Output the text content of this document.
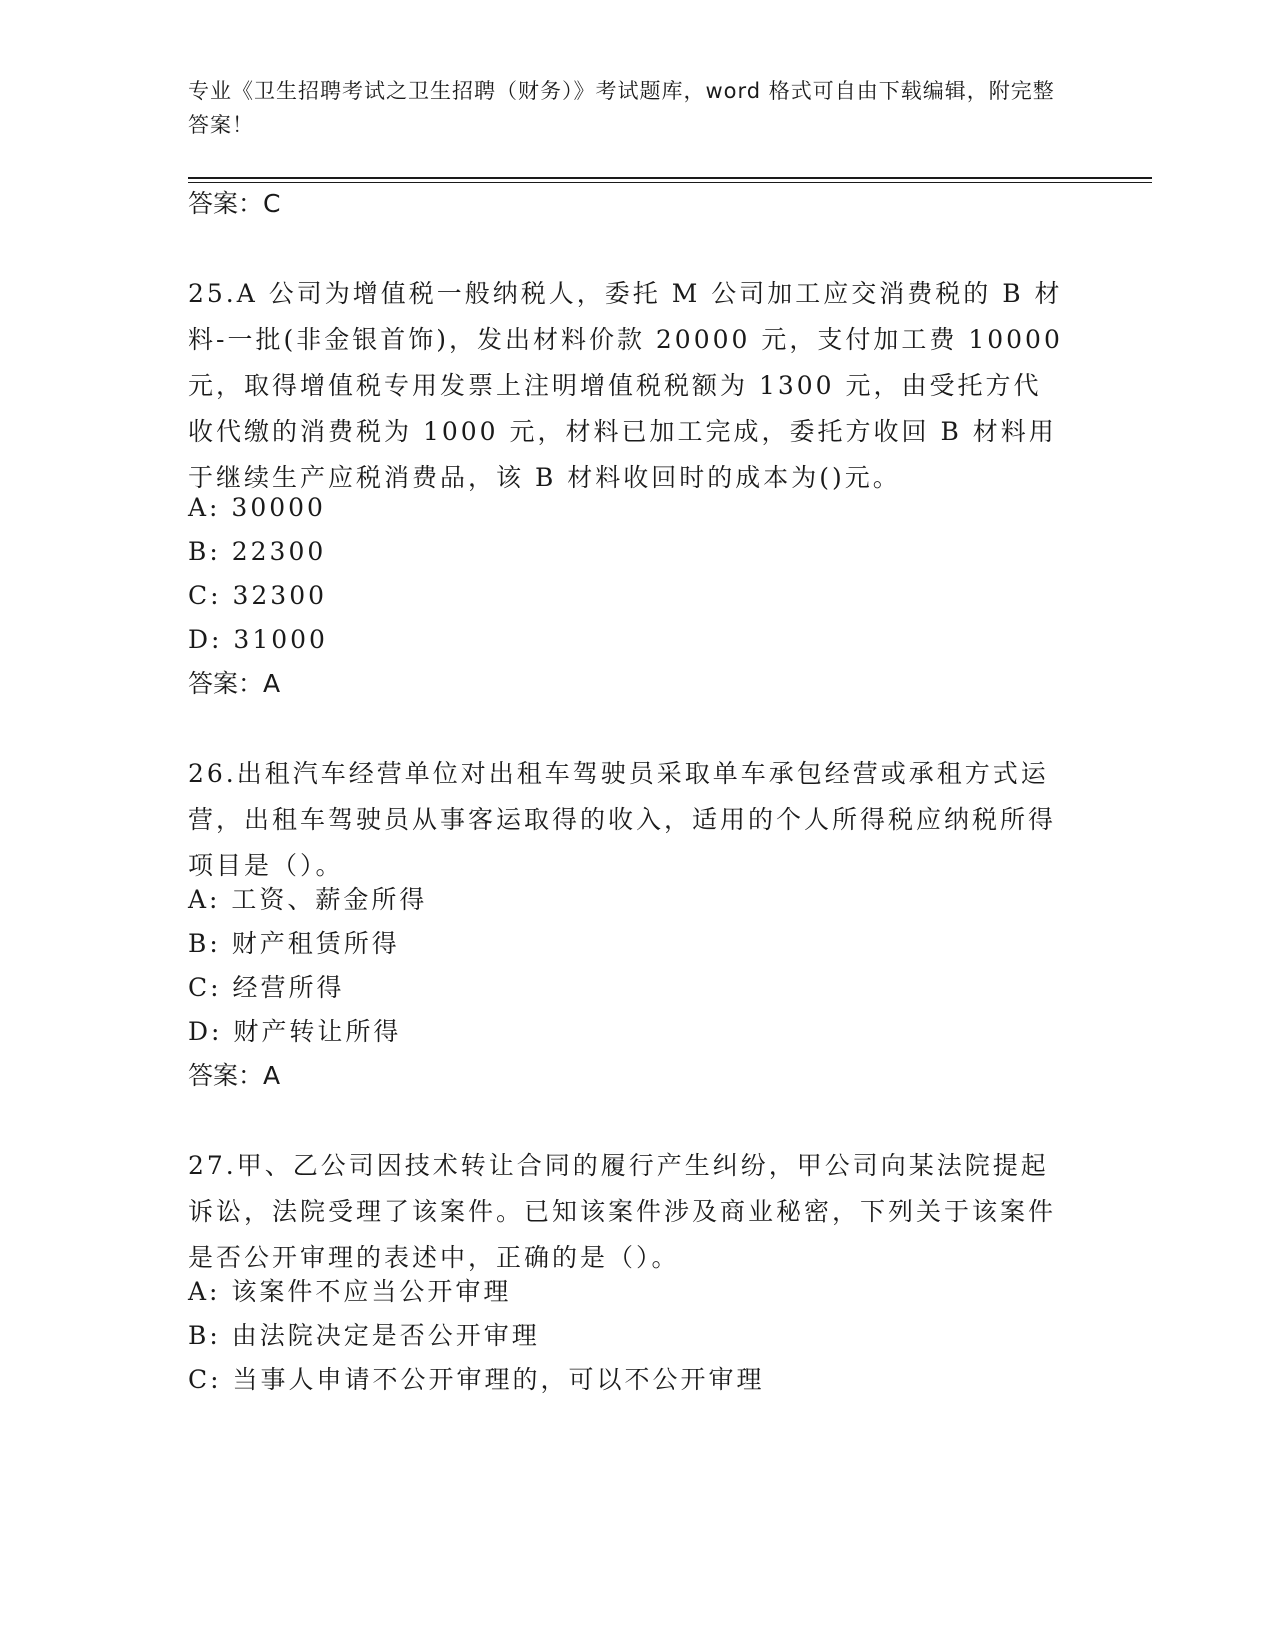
专业《卫生招聘考试之卫生招聘（财务）》考试题库，word 格式可自由下载编辑，附完整答案！
答案：C
25.A 公司为增值税一般纳税人，委托 M 公司加工应交消费税的 B 材料-一批(非金银首饰)，发出材料价款 20000 元，支付加工费 10000 元，取得增值税专用发票上注明增值税税额为 1300 元，由受托方代收代缴的消费税为 1000 元，材料已加工完成，委托方收回 B 材料用于继续生产应税消费品，该 B 材料收回时的成本为()元。
A: 30000
B: 22300
C: 32300
D: 31000
答案：A
26.出租汽车经营单位对出租车驾驶员采取单车承包经营或承租方式运营，出租车驾驶员从事客运取得的收入，适用的个人所得税应纳税所得项目是（）。
A: 工资、薪金所得
B: 财产租赁所得
C: 经营所得
D: 财产转让所得
答案：A
27.甲、乙公司因技术转让合同的履行产生纠纷，甲公司向某法院提起诉讼，法院受理了该案件。已知该案件涉及商业秘密，下列关于该案件是否公开审理的表述中，正确的是（）。
A: 该案件不应当公开审理
B: 由法院决定是否公开审理
C: 当事人申请不公开审理的，可以不公开审理
